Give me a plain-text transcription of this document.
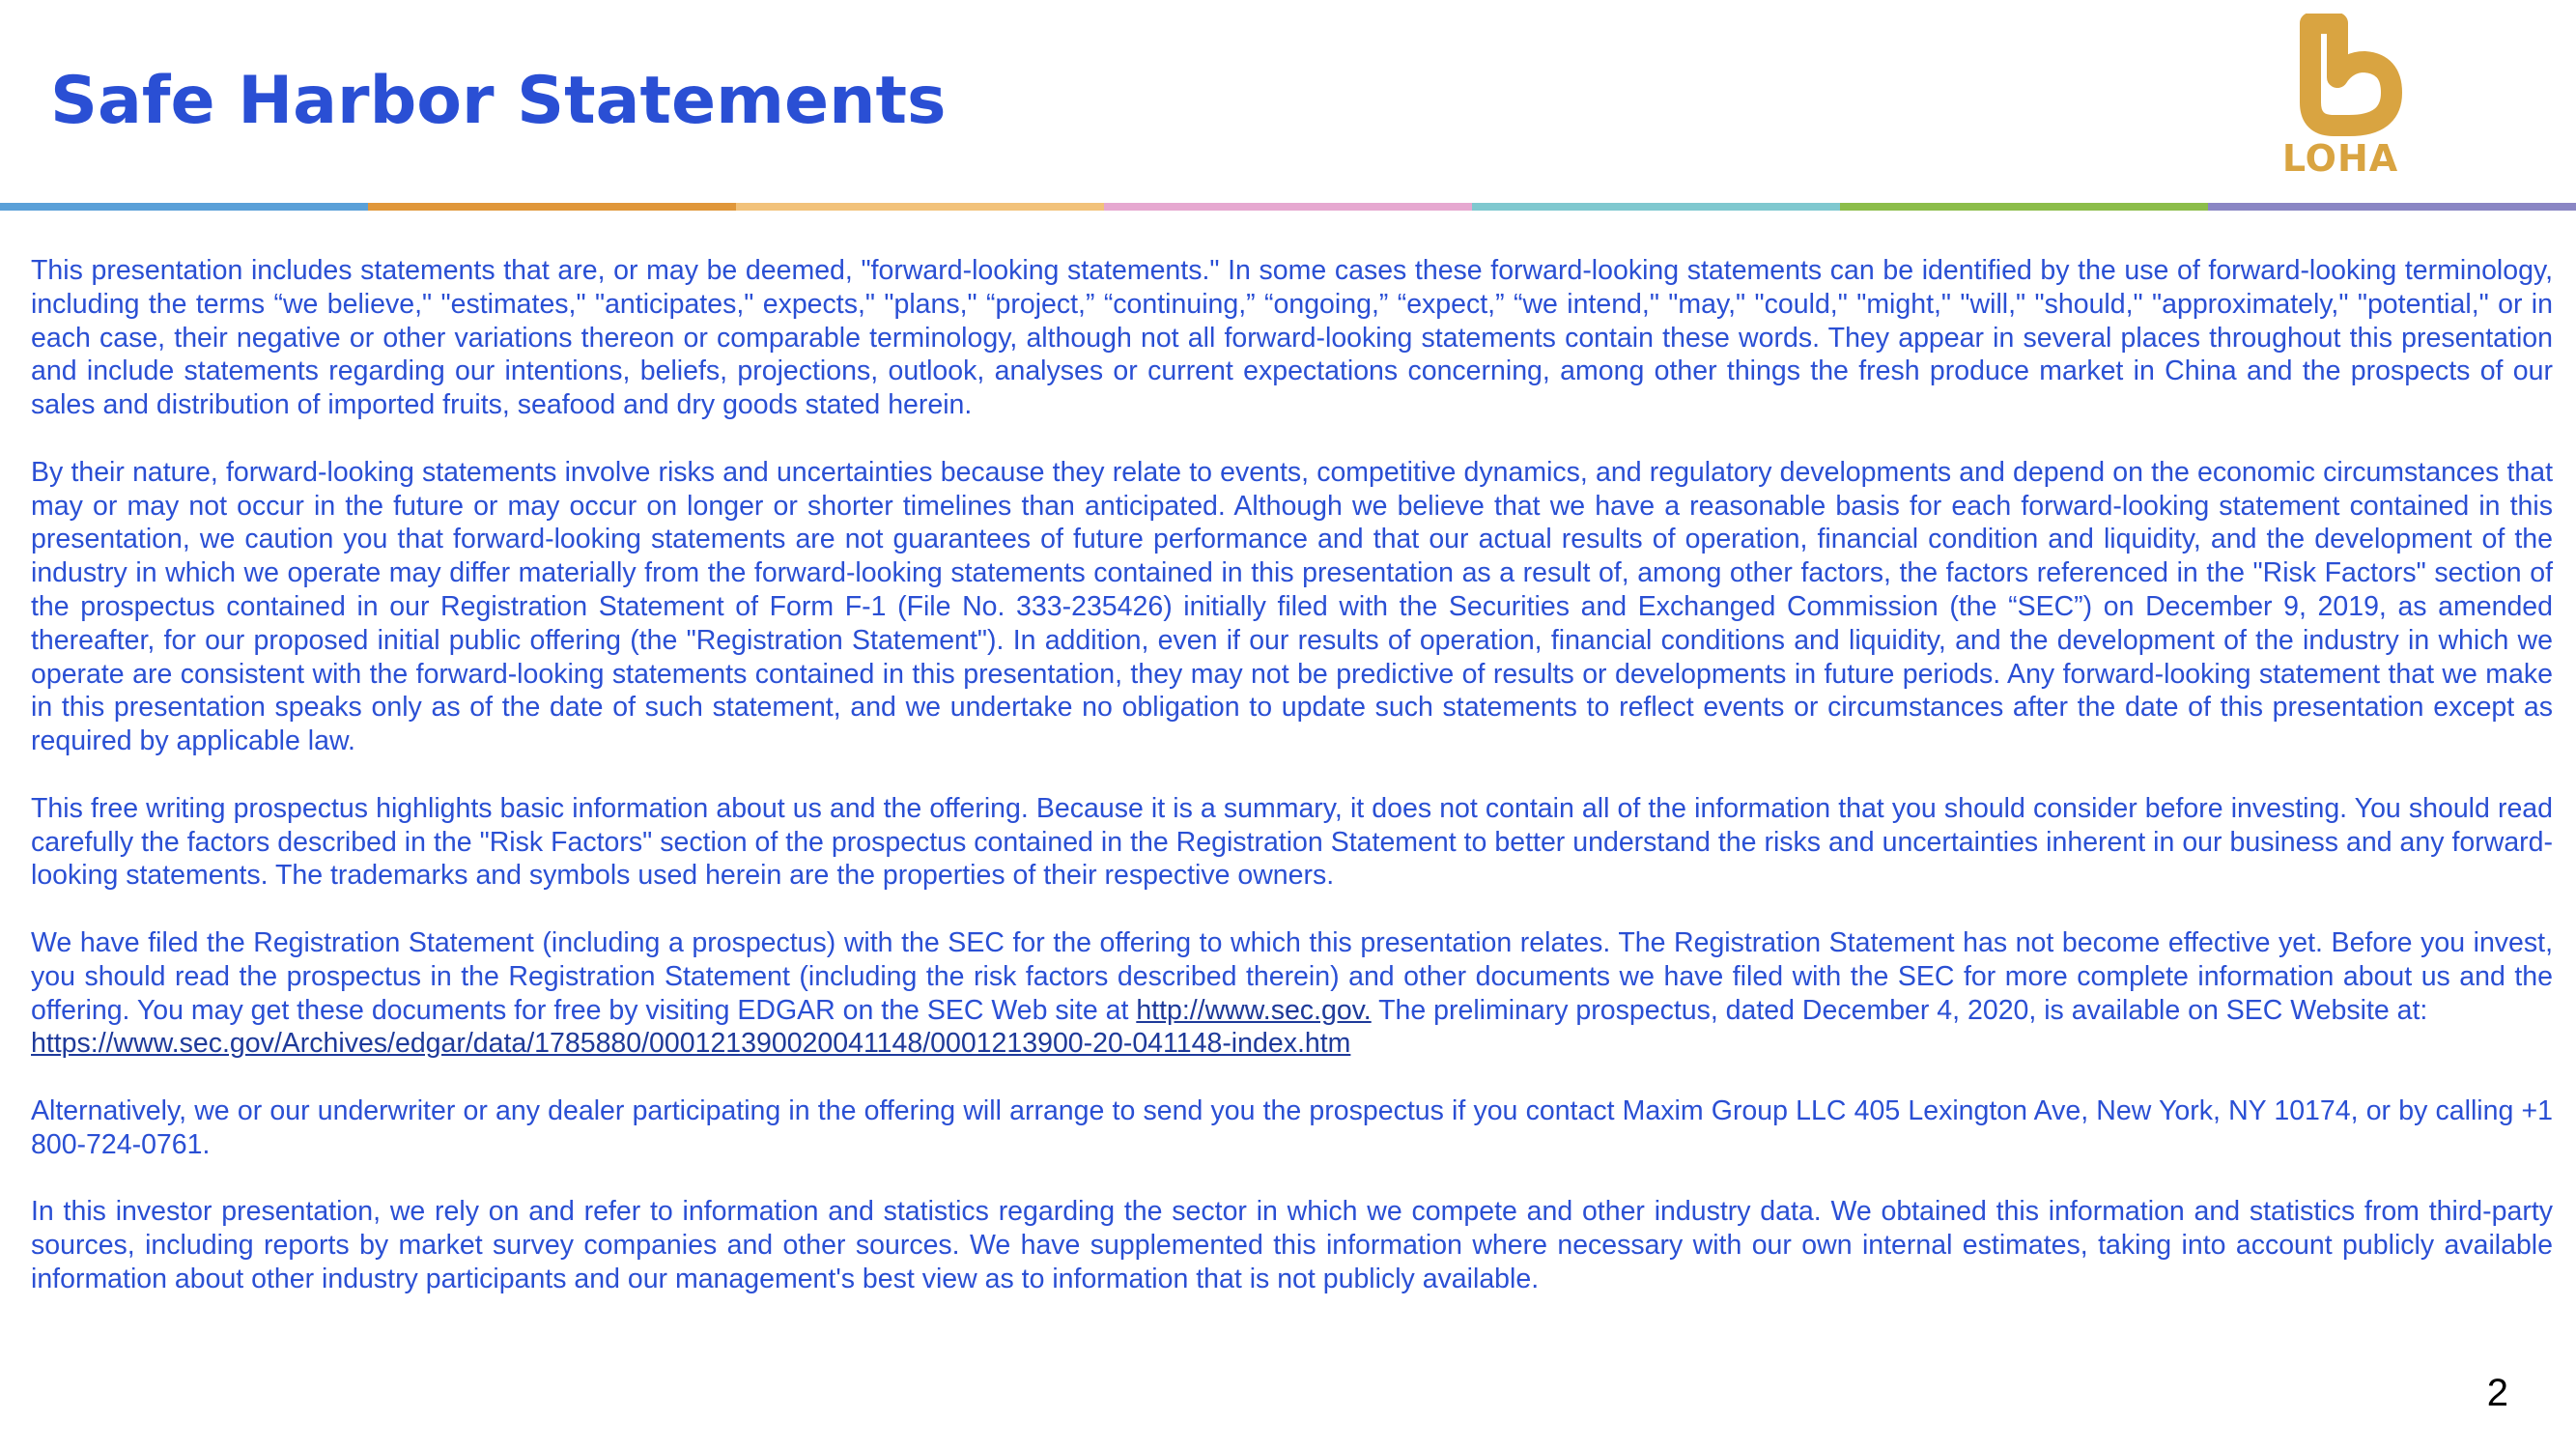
Safe Harbor Statements
LOHA

This presentation includes statements that are, or may be deemed, "forward-looking statements." In some cases these forward-looking statements can be identified by the use of forward-looking terminology, including the terms “we believe," "estimates," "anticipates," expects," "plans," “project,” “continuing,” “ongoing,” “expect,” “we intend," "may," "could," "might," "will," "should," "approximately," "potential," or in each case, their negative or other variations thereon or comparable terminology, although not all forward-looking statements contain these words. They appear in several places throughout this presentation and include statements regarding our intentions, beliefs, projections, outlook, analyses or current expectations concerning, among other things the fresh produce market in China and the prospects of our sales and distribution of imported fruits, seafood and dry goods stated herein.

By their nature, forward-looking statements involve risks and uncertainties because they relate to events, competitive dynamics, and regulatory developments and depend on the economic circumstances that may or may not occur in the future or may occur on longer or shorter timelines than anticipated. Although we believe that we have a reasonable basis for each forward-looking statement contained in this presentation, we caution you that forward-looking statements are not guarantees of future performance and that our actual results of operation, financial condition and liquidity, and the development of the industry in which we operate may differ materially from the forward-looking statements contained in this presentation as a result of, among other factors, the factors referenced in the "Risk Factors" section of the prospectus contained in our Registration Statement of Form F-1 (File No. 333-235426) initially filed with the Securities and Exchanged Commission (the “SEC”) on December 9, 2019, as amended thereafter, for our proposed initial public offering (the "Registration Statement"). In addition, even if our results of operation, financial conditions and liquidity, and the development of the industry in which we operate are consistent with the forward-looking statements contained in this presentation, they may not be predictive of results or developments in future periods. Any forward-looking statement that we make in this presentation speaks only as of the date of such statement, and we undertake no obligation to update such statements to reflect events or circumstances after the date of this presentation except as required by applicable law.

This free writing prospectus highlights basic information about us and the offering. Because it is a summary, it does not contain all of the information that you should consider before investing. You should read carefully the factors described in the "Risk Factors" section of the prospectus contained in the Registration Statement to better understand the risks and uncertainties inherent in our business and any forward-looking statements. The trademarks and symbols used herein are the properties of their respective owners.

We have filed the Registration Statement (including a prospectus) with the SEC for the offering to which this presentation relates. The Registration Statement has not become effective yet. Before you invest, you should read the prospectus in the Registration Statement (including the risk factors described therein) and other documents we have filed with the SEC for more complete information about us and the offering. You may get these documents for free by visiting EDGAR on the SEC Web site at http://www.sec.gov. The preliminary prospectus, dated December 4, 2020, is available on SEC Website at:
https://www.sec.gov/Archives/edgar/data/1785880/000121390020041148/0001213900-20-041148-index.htm

Alternatively, we or our underwriter or any dealer participating in the offering will arrange to send you the prospectus if you contact Maxim Group LLC 405 Lexington Ave, New York, NY 10174, or by calling +1 800-724-0761.

In this investor presentation, we rely on and refer to information and statistics regarding the sector in which we compete and other industry data. We obtained this information and statistics from third-party sources, including reports by market survey companies and other sources. We have supplemented this information where necessary with our own internal estimates, taking into account publicly available information about other industry participants and our management's best view as to information that is not publicly available.

2
